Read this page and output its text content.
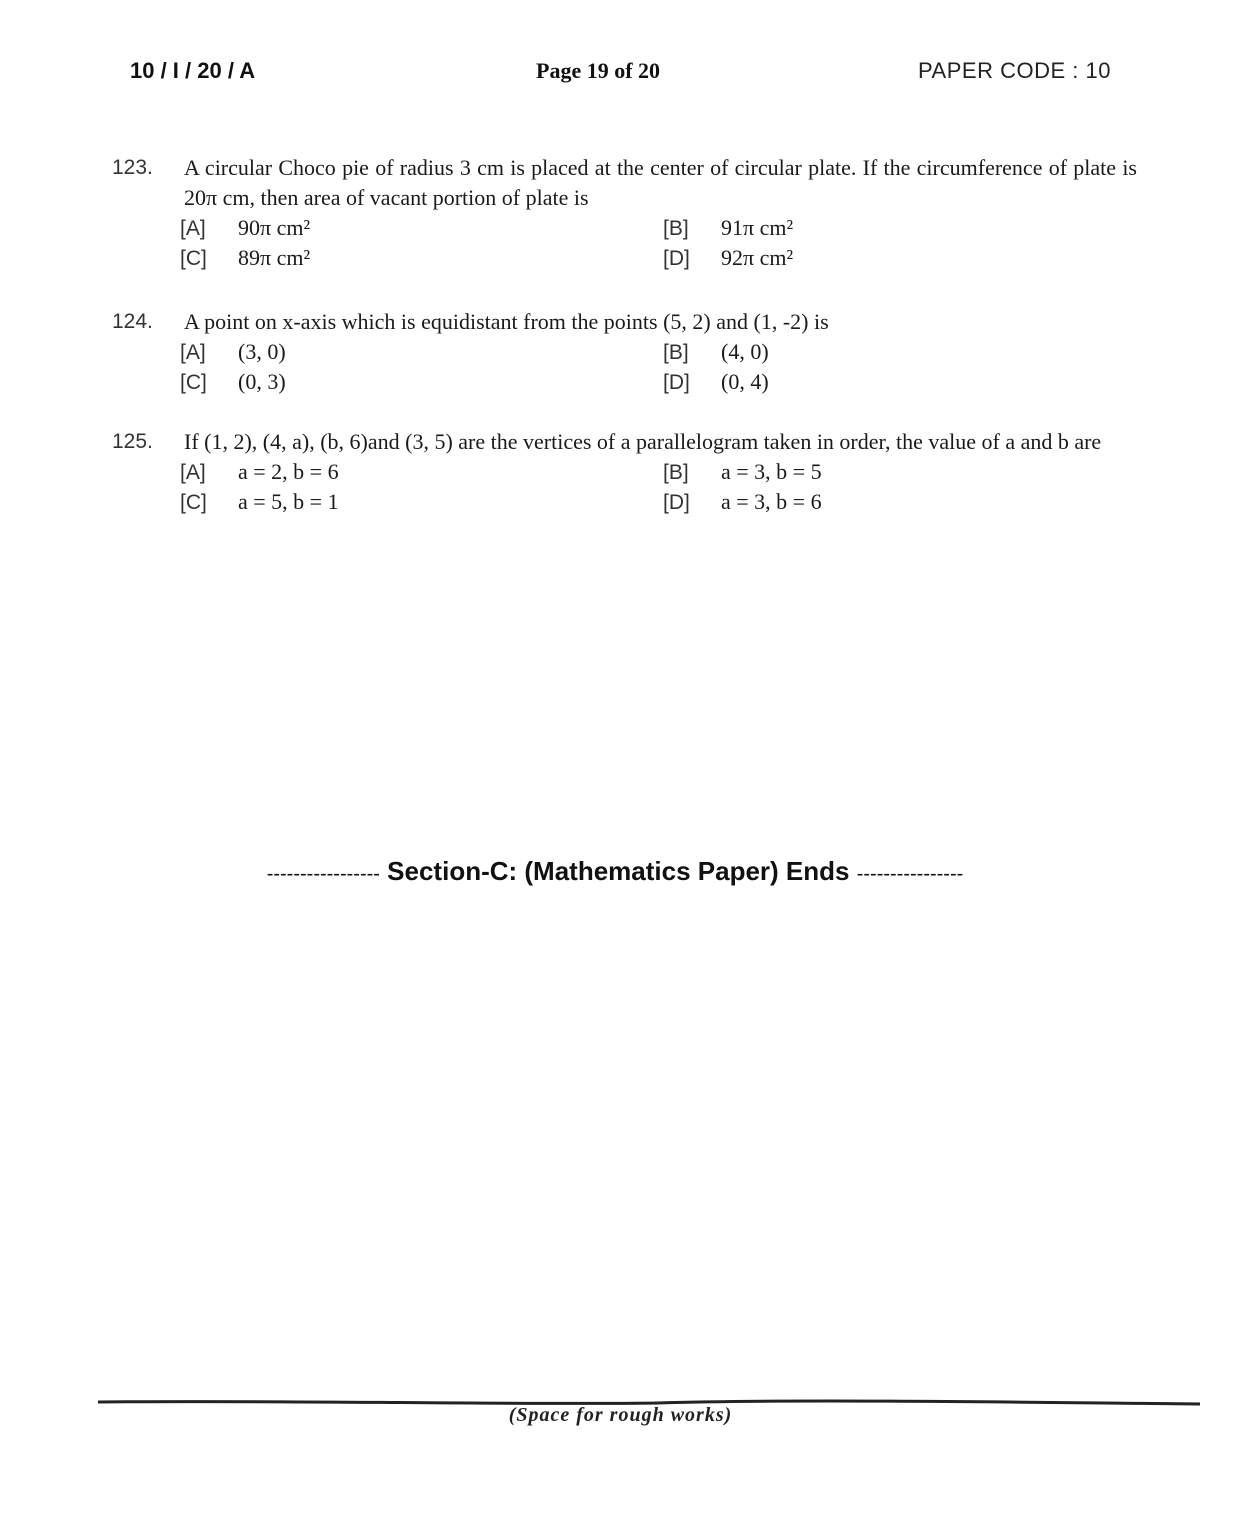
10 / I / 20 / A	Page 19 of 20	PAPER CODE : 10
123. A circular Choco pie of radius 3 cm is placed at the center of circular plate. If the circumference of plate is 20π cm, then area of vacant portion of plate is
[A] 90π cm²	[B] 91π cm²
[C] 89π cm²	[D] 92π cm²
124. A point on x-axis which is equidistant from the points (5, 2) and (1, -2) is
[A] (3, 0)	[B] (4, 0)
[C] (0, 3)	[D] (0, 4)
125. If (1, 2), (4, a), (b, 6)and (3, 5) are the vertices of a parallelogram taken in order, the value of a and b are
[A] a = 2, b = 6	[B] a = 3, b = 5
[C] a = 5, b = 1	[D] a = 3, b = 6
----------------- Section-C: (Mathematics Paper) Ends ----------------
(Space for rough works)
